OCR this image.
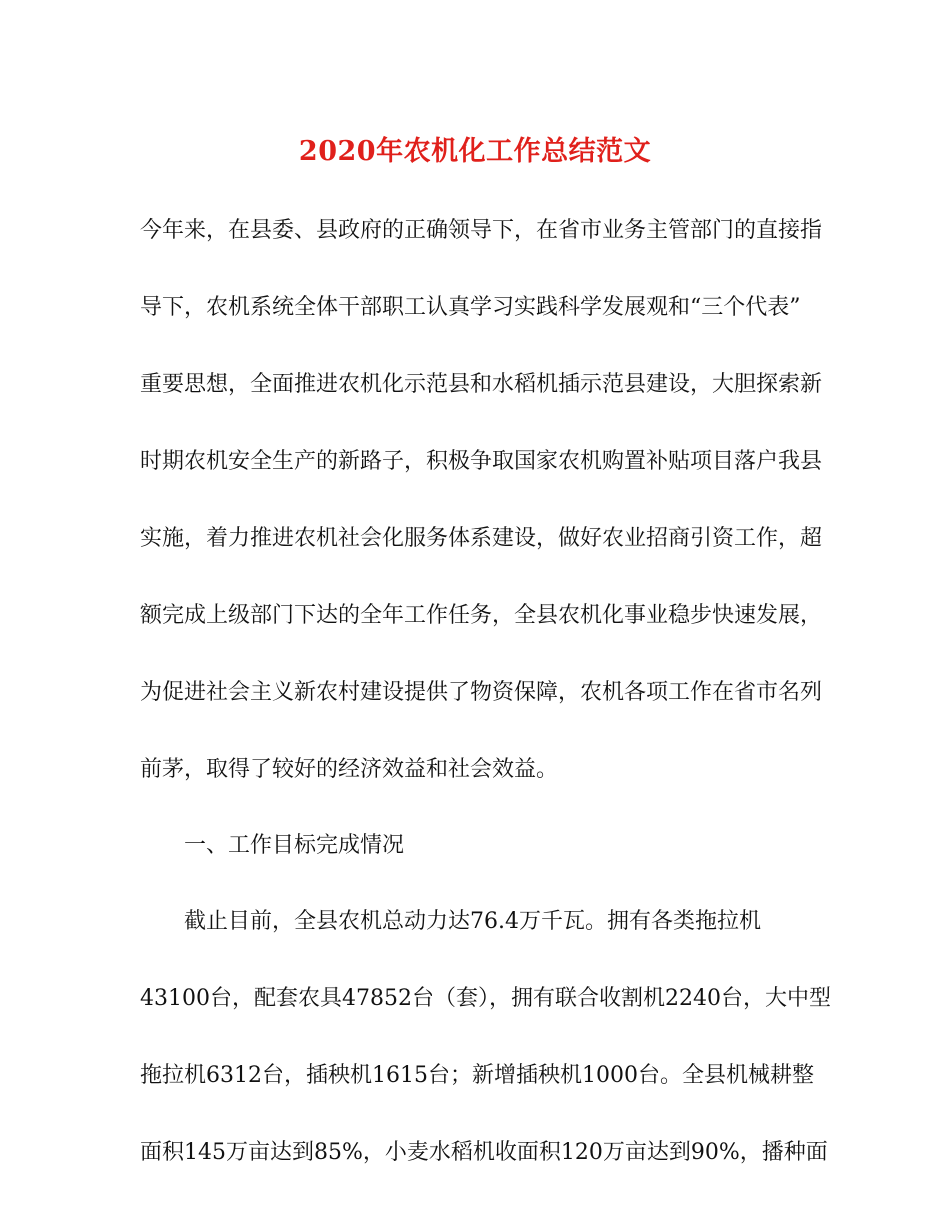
2020年农机化工作总结范文
今年来，在县委、县政府的正确领导下，在省市业务主管部门的直接指
导下，农机系统全体干部职工认真学习实践科学发展观和“三个代表”
重要思想，全面推进农机化示范县和水稻机插示范县建设，大胆探索新
时期农机安全生产的新路子，积极争取国家农机购置补贴项目落户我县
实施，着力推进农机社会化服务体系建设，做好农业招商引资工作，超
额完成上级部门下达的全年工作任务，全县农机化事业稳步快速发展，
为促进社会主义新农村建设提供了物资保障，农机各项工作在省市名列
前茅，取得了较好的经济效益和社会效益。
一、工作目标完成情况
截止目前，全县农机总动力达76.4万千瓦。拥有各类拖拉机
43100台，配套农具47852台（套），拥有联合收割机2240台，大中型
拖拉机6312台，插秧机1615台；新增插秧机1000台。全县机械耕整
面积145万亩达到85%，小麦水稻机收面积120万亩达到90%，播种面
